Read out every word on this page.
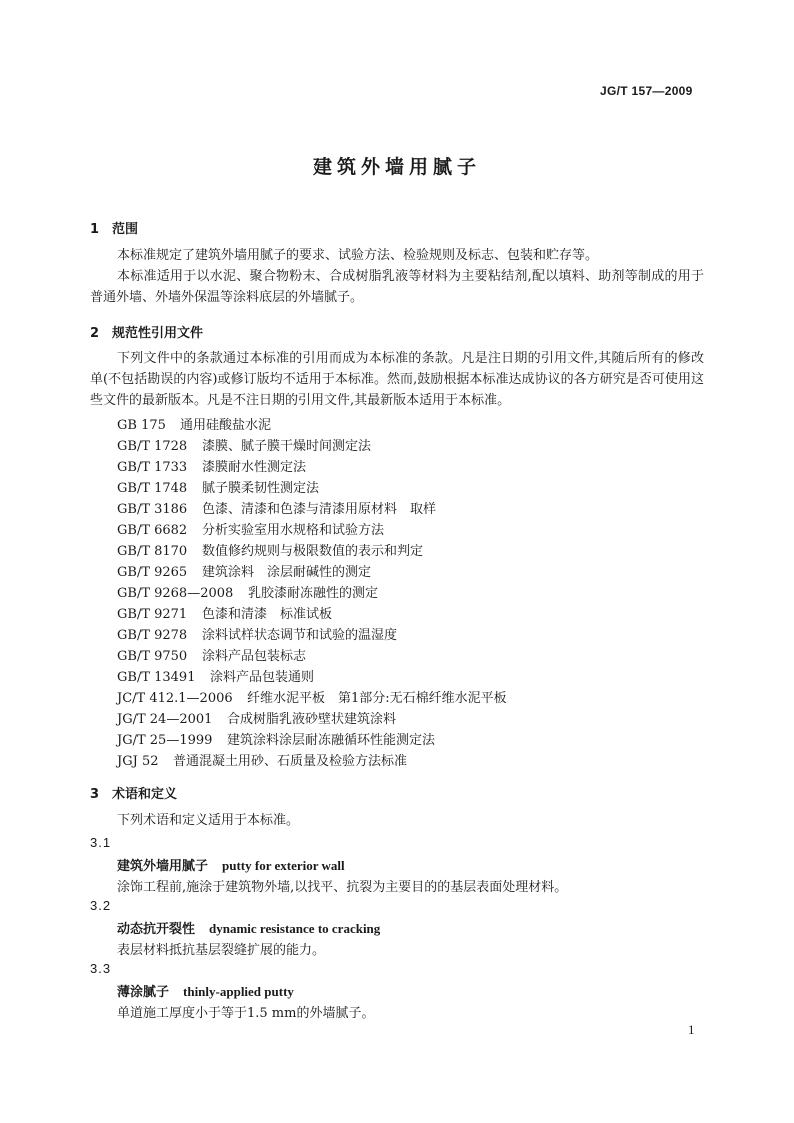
JG/T 157—2009
建筑外墙用腻子
1 范围

本标准规定了建筑外墙用腻子的要求、试验方法、检验规则及标志、包装和贮存等。

本标准适用于以水泥、聚合物粉末、合成树脂乳液等材料为主要粘结剂,配以填料、助剂等制成的用于普通外墙、外墙外保温等涂料底层的外墙腻子。

2 规范性引用文件

下列文件中的条款通过本标准的引用而成为本标准的条款。凡是注日期的引用文件,其随后所有的修改单(不包括勘误的内容)或修订版均不适用于本标准。然而,鼓励根据本标准达成协议的各方研究是否可使用这些文件的最新版本。凡是不注日期的引用文件,其最新版本适用于本标准。

GB 175 通用硅酸盐水泥
GB/T 1728 漆膜、腻子膜干燥时间测定法
GB/T 1733 漆膜耐水性测定法
GB/T 1748 腻子膜柔韧性测定法
GB/T 3186 色漆、清漆和色漆与清漆用原材料　取样
GB/T 6682 分析实验室用水规格和试验方法
GB/T 8170 数值修约规则与极限数值的表示和判定
GB/T 9265 建筑涂料　涂层耐碱性的测定
GB/T 9268—2008 乳胶漆耐冻融性的测定
GB/T 9271 色漆和清漆　标准试板
GB/T 9278 涂料试样状态调节和试验的温湿度
GB/T 9750 涂料产品包装标志
GB/T 13491 涂料产品包装通则
JC/T 412.1—2006 纤维水泥平板　第1部分:无石棉纤维水泥平板
JG/T 24—2001 合成树脂乳液砂壁状建筑涂料
JG/T 25—1999 建筑涂料涂层耐冻融循环性能测定法
JGJ 52 普通混凝土用砂、石质量及检验方法标准
3 术语和定义

下列术语和定义适用于本标准。

3.1
建筑外墙用腻子 putty for exterior wall
涂饰工程前,施涂于建筑物外墙,以找平、抗裂为主要目的的基层表面处理材料。
3.2
动态抗开裂性 dynamic resistance to cracking
表层材料抵抗基层裂缝扩展的能力。
3.3
薄涂腻子 thinly-applied putty
单道施工厚度小于等于1.5 mm的外墙腻子。
1
